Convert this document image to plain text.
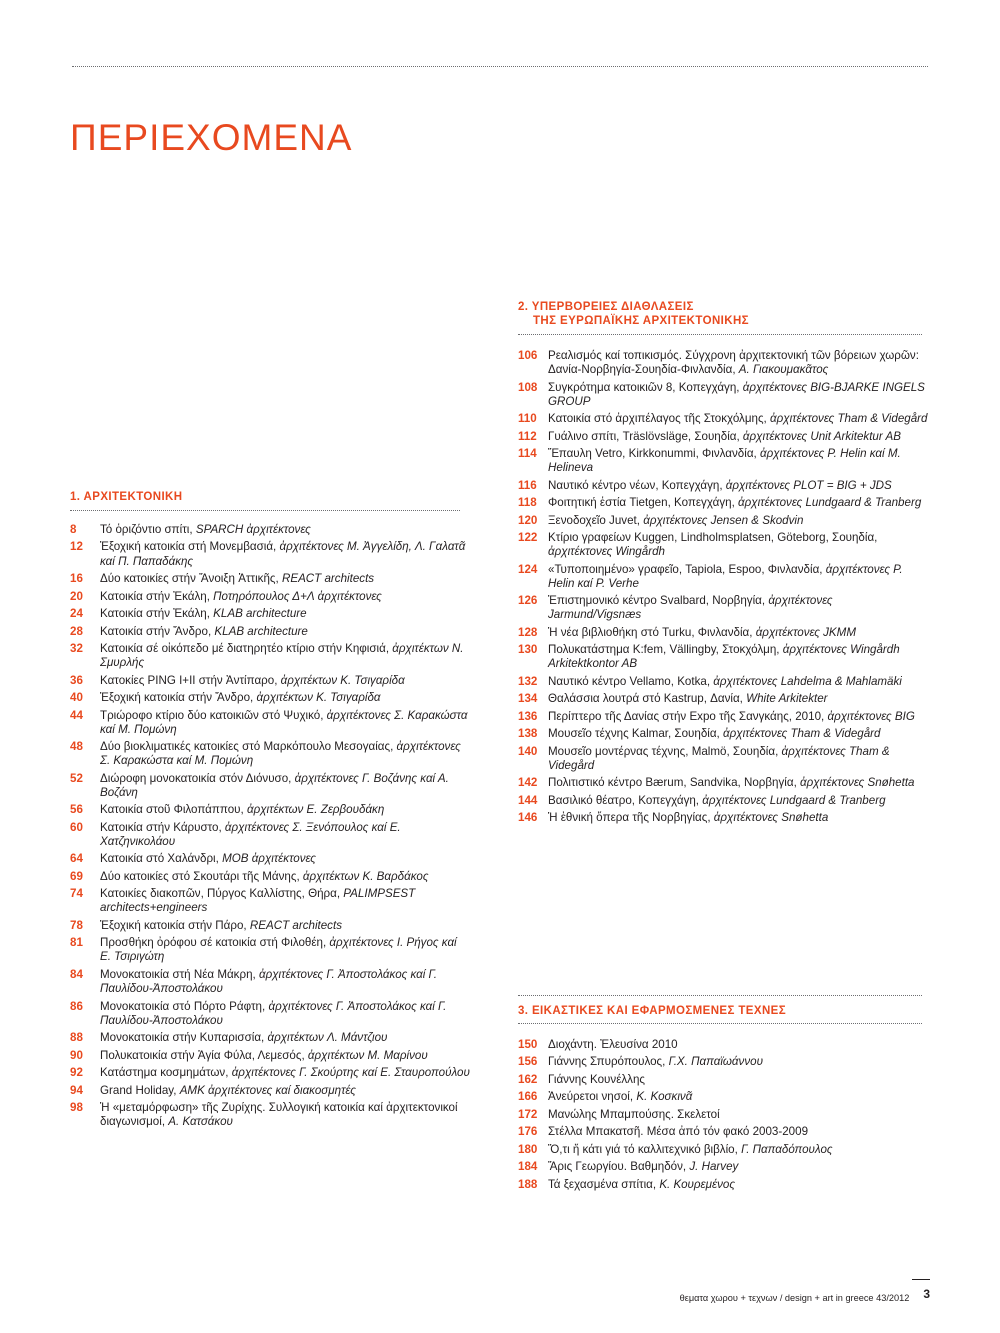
ΠΕΡΙΕΧΟΜΕΝΑ
1. ΑΡΧΙΤΕΚΤΟΝΙΚΗ
8	Τό ὁριζόντιο σπίτι, SPARCH ἀρχιτέκτονες
12	Ἐξοχική κατοικία στή Μονεμβασιά, ἀρχιτέκτονες Μ. Ἀγγελίδη, Λ. Γαλατᾶ καί Π. Παπαδάκης
16	Δύο κατοικίες στήν Ἄνοιξη Ἀττικῆς, REACT architects
20	Κατοικία στήν Ἐκάλη, Ποτηρόπουλος Δ+Λ ἀρχιτέκτονες
24	Κατοικία στήν Ἐκάλη, KLAB architecture
28	Κατοικία στήν Ἄνδρο, KLAB architecture
32	Κατοικία σέ οἰκόπεδο μέ διατηρητέο κτίριο στήν Κηφισιά, ἀρχιτέκτων Ν. Σμυρλής
36	Κατοκίες PING I+II στήν Ἀντίπαρο, ἀρχιτέκτων Κ. Τσιγαρίδα
40	Ἐξοχική κατοικία στήν Ἄνδρο, ἀρχιτέκτων Κ. Τσιγαρίδα
44	Τριώροφο κτίριο δύο κατοικιῶν στό Ψυχικό, ἀρχιτέκτονες Σ. Καρακώστα καί Μ. Πομώνη
48	Δύο βιοκλιματικές κατοικίες στό Μαρκόπουλο Μεσογαίας, ἀρχιτέκτονες Σ. Καρακώστα καί Μ. Πομώνη
52	Διώροφη μονοκατοικία στόν Διόνυσο, ἀρχιτέκτονες Γ. Βοζάνης καί Α. Βοζάνη
56	Κατοικία στοῦ Φιλοπάππου, ἀρχιτέκτων Ε. Ζερβουδάκη
60	Κατοικία στήν Κάρυστο, ἀρχιτέκτονες Σ. Ξενόπουλος καί Ε. Χατζηνικολάου
64	Κατοικία στό Χαλάνδρι, MOB ἀρχιτέκτονες
69	Δύο κατοικίες στό Σκουτάρι τῆς Μάνης, ἀρχιτέκτων Κ. Βαρδάκος
74	Κατοικίες διακοπῶν, Πύργος Καλλίστης, Θήρα, PALIMPSEST architects+engineers
78	Ἐξοχική κατοικία στήν Πάρο, REACT architects
81	Προσθήκη ὀρόφου σέ κατοικία στή Φιλοθέη, ἀρχιτέκτονες Ι. Ρήγος καί Ε. Τσιριγώτη
84	Μονοκατοικία στή Νέα Μάκρη, ἀρχιτέκτονες Γ. Ἀποστολάκος καί Γ. Παυλίδου-Ἀποστολάκου
86	Μονοκατοικία στό Πόρτο Ράφτη, ἀρχιτέκτονες Γ. Ἀποστολάκος καί Γ. Παυλίδου-Ἀποστολάκου
88	Μονοκατοικία στήν Κυπαρισσία, ἀρχιτέκτων Λ. Μάντζιου
90	Πολυκατοικία στήν Ἁγία Φύλα, Λεμεσός, ἀρχιτέκτων Μ. Μαρίνου
92	Κατάστημα κοσμημάτων, ἀρχιτέκτονες Γ. Σκούρτης καί Ε. Σταυροπούλου
94	Grand Holiday, AMK ἀρχιτέκτονες καί διακοσμητές
98	Ἡ «μεταμόρφωση» τῆς Ζυρίχης. Συλλογική κατοικία καί ἀρχιτεκτονικοί διαγωνισμοί, Α. Κατσάκου
2. ΥΠΕΡΒΟΡΕΙΕΣ ΔΙΑΘΛΑΣΕΙΣ
ΤΗΣ ΕΥΡΩΠΑΪΚΗΣ ΑΡΧΙΤΕΚΤΟΝΙΚΗΣ
106 Ρεαλισμός καί τοπικισμός. Σύγχρονη ἀρχιτεκτονική τῶν βόρειων χωρῶν: Δανία-Νορβηγία-Σουηδία-Φινλανδία, Α. Γιακουμακᾶτος
108 Συγκρότημα κατοικιῶν 8, Κοπεγχάγη, ἀρχιτέκτονες BIG-BJARKE INGELS GROUP
110 Κατοικία στό ἀρχιπέλαγος τῆς Στοκχόλμης, ἀρχιτέκτονες Tham & Videgård
112 Γυάλινο σπίτι, Träslövsläge, Σουηδία, ἀρχιτέκτονες Unit Arkitektur AB
114 Ἔπαυλη Vetro, Kirkkonummi, Φινλανδία, ἀρχιτέκτονες P. Helin καί M. Helineva
116 Ναυτικό κέντρο νέων, Κοπεγχάγη, ἀρχιτέκτονες PLOT = BIG + JDS
118 Φοιτητική ἑστία Tietgen, Κοπεγχάγη, ἀρχιτέκτονες Lundgaard & Tranberg
120 Ξενοδοχεῖο Juvet, ἀρχιτέκτονες Jensen & Skodvin
122 Κτίριο γραφείων Kuggen, Lindholmsplatsen, Göteborg, Σουηδία, ἀρχιτέκτονες Wingårdh
124 «Τυποποιημένο» γραφεῖο, Tapiola, Espoo, Φινλανδία, ἀρχιτέκτονες P. Helin καί P. Verhe
126 Ἐπιστημονικό κέντρο Svalbard, Νορβηγία, ἀρχιτέκτονες Jarmund/Vigsnæs
128 Ἡ νέα βιβλιοθήκη στό Turku, Φινλανδία, ἀρχιτέκτονες JKMM
130 Πολυκατάστημα K:fem, Vällingby, Στοκχόλμη, ἀρχιτέκτονες Wingårdh Arkitektkontor AB
132 Ναυτικό κέντρο Vellamo, Kotka, ἀρχιτέκτονες Lahdelma & Mahlamäki
134 Θαλάσσια λουτρά στό Kastrup, Δανία, White Arkitekter
136 Περίπτερο τῆς Δανίας στήν Expo τῆς Σανγκάης, 2010, ἀρχιτέκτονες BIG
138 Μουσεῖο τέχνης Kalmar, Σουηδία, ἀρχιτέκτονες Tham & Videgård
140 Μουσεῖο μοντέρνας τέχνης, Malmö, Σουηδία, ἀρχιτέκτονες Tham & Videgård
142 Πολιτιστικό κέντρο Bærum, Sandvika, Νορβηγία, ἀρχιτέκτονες Snøhetta
144 Βασιλικό θέατρο, Κοπεγχάγη, ἀρχιτέκτονες Lundgaard & Tranberg
146 Ἡ ἐθνική ὄπερα τῆς Νορβηγίας, ἀρχιτέκτονες Snøhetta
3. ΕΙΚΑΣΤΙΚΕΣ ΚΑΙ ΕΦΑΡΜΟΣΜΕΝΕΣ ΤΕΧΝΕΣ
150 Διοχάντη. Ἐλευσίνα 2010
156 Γιάννης Σπυρόπουλος, Γ.Χ. Παπαϊωάννου
162 Γιάννης Κουνέλλης
166 Ἀνεύρετοι νησοί, Κ. Κοσκινᾶ
172 Μανώλης Μπαμπούσης. Σκελετοί
176 Στέλλα Μπακατσῆ. Μέσα ἀπό τόν φακό 2003-2009
180 Ὅ,τι ἤ κάτι γιά τό καλλιτεχνικό βιβλίο, Γ. Παπαδόπουλος
184 Ἄρις Γεωργίου. Βαθμηδόν, J. Harvey
188 Τά ξεχασμένα σπίτια, Κ. Κουρεμένος
θεματα χωρου + τεχνων / design + art in greece 43/2012 3
